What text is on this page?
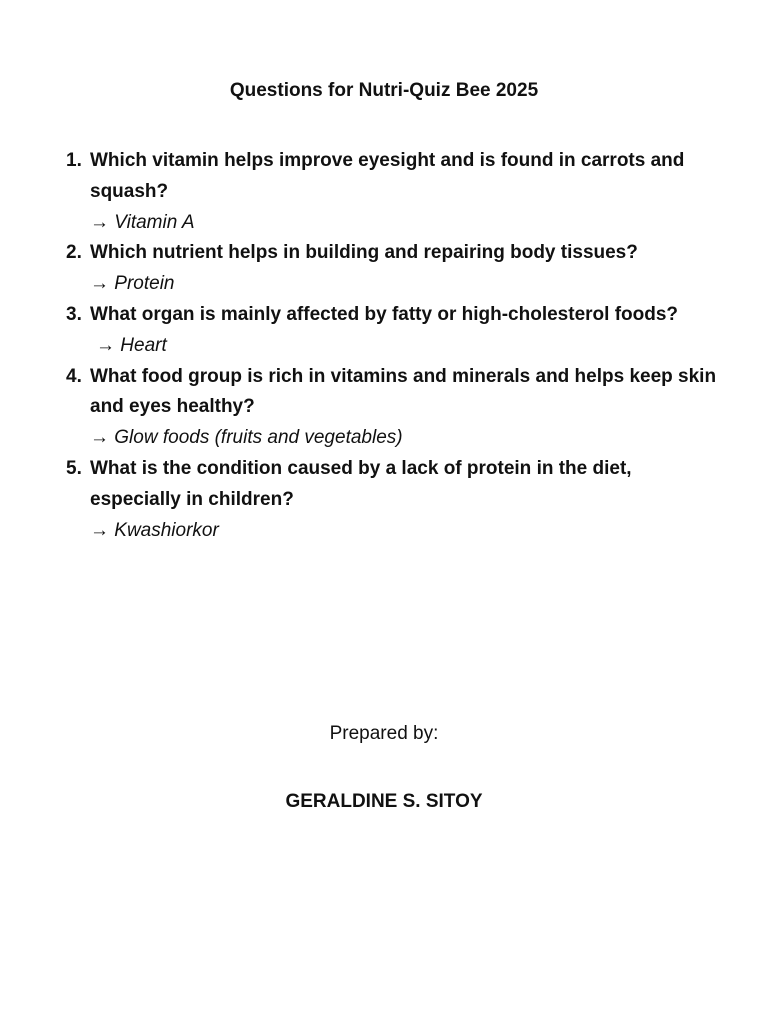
Questions for Nutri-Quiz Bee 2025
1. Which vitamin helps improve eyesight and is found in carrots and squash?
→ Vitamin A
2. Which nutrient helps in building and repairing body tissues?
→ Protein
3. What organ is mainly affected by fatty or high-cholesterol foods?
→ Heart
4. What food group is rich in vitamins and minerals and helps keep skin and eyes healthy?
→ Glow foods (fruits and vegetables)
5. What is the condition caused by a lack of protein in the diet, especially in children?
→ Kwashiorkor
Prepared by:
GERALDINE S. SITOY
